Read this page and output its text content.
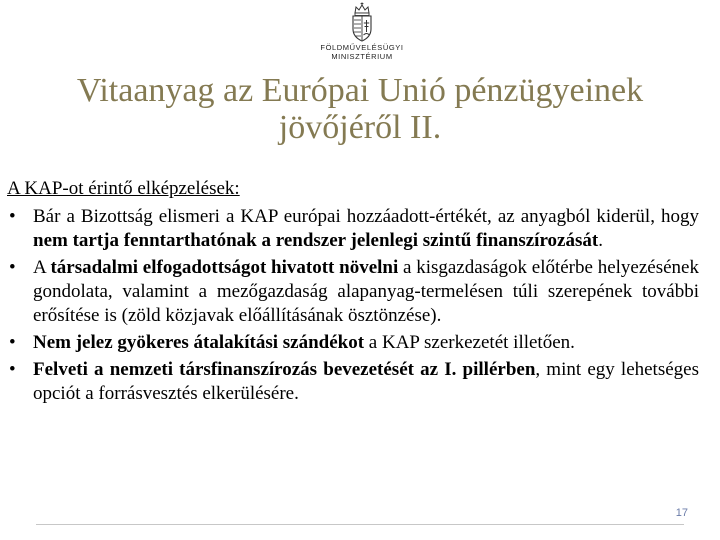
FÖLDMŰVELÉSÜGYI
MINISZTÉRIUM
Vitaanyag az Európai Unió pénzügyeinek
jövőjéről II.
A KAP-ot érintő elképzelések:
• Bár a Bizottság elismeri a KAP európai hozzáadott-értékét, az anyagból kiderül, hogy nem tartja fenntarthatónak a rendszer jelenlegi szintű finanszírozását.
• A társadalmi elfogadottságot hivatott növelni a kisgazdaságok előtérbe helyezésének gondolata, valamint a mezőgazdaság alapanyag-termelésen túli szerepének további erősítése is (zöld közjavak előállításának ösztönzése).
• Nem jelez gyökeres átalakítási szándékot a KAP szerkezetét illetően.
• Felveti a nemzeti társfinanszírozás bevezetését az I. pillérben, mint egy lehetséges opciót a forrásvesztés elkerülésére.
17
